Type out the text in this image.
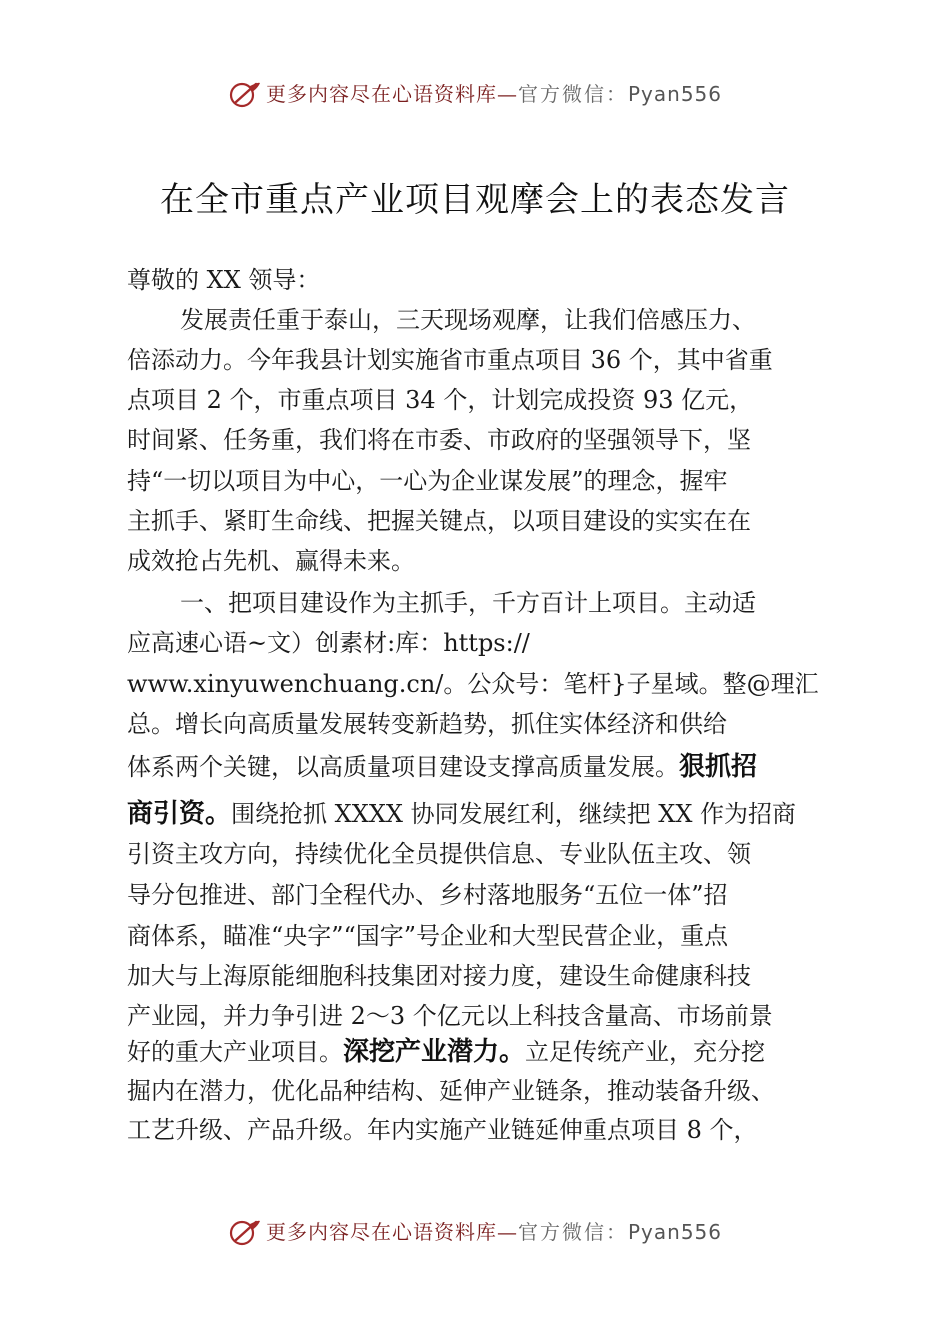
更多内容尽在心语资料库—官方微信：Pyan556
在全市重点产业项目观摩会上的表态发言
尊敬的 XX 领导：
发展责任重于泰山，三天现场观摩，让我们倍感压力、
倍添动力。今年我县计划实施省市重点项目 36 个，其中省重
点项目 2 个，市重点项目 34 个，计划完成投资 93 亿元，
时间紧、任务重，我们将在市委、市政府的坚强领导下，坚
持“一切以项目为中心，一心为企业谋发展”的理念，握牢
主抓手、紧盯生命线、把握关键点，以项目建设的实实在在
成效抢占先机、赢得未来。
一、把项目建设作为主抓手，千方百计上项目。主动适
应高速心语~文）创素材:库：https://
www.xinyuwenchuang.cn/。公众号：笔杆}子星域。整@理汇
总。增长向高质量发展转变新趋势，抓住实体经济和供给
体系两个关键，以高质量项目建设支撑高质量发展。狠抓招
商引资。围绕抢抓 XXXX 协同发展红利，继续把 XX 作为招商
引资主攻方向，持续优化全员提供信息、专业队伍主攻、领
导分包推进、部门全程代办、乡村落地服务“五位一体”招
商体系，瞄准“央字”“国字”号企业和大型民营企业，重点
加大与上海原能细胞科技集团对接力度，建设生命健康科技
产业园，并力争引进 2～3 个亿元以上科技含量高、市场前景
好的重大产业项目。深挖产业潜力。立足传统产业，充分挖
掘内在潜力，优化品种结构、延伸产业链条，推动装备升级、
工艺升级、产品升级。年内实施产业链延伸重点项目 8 个，
更多内容尽在心语资料库—官方微信：Pyan556
